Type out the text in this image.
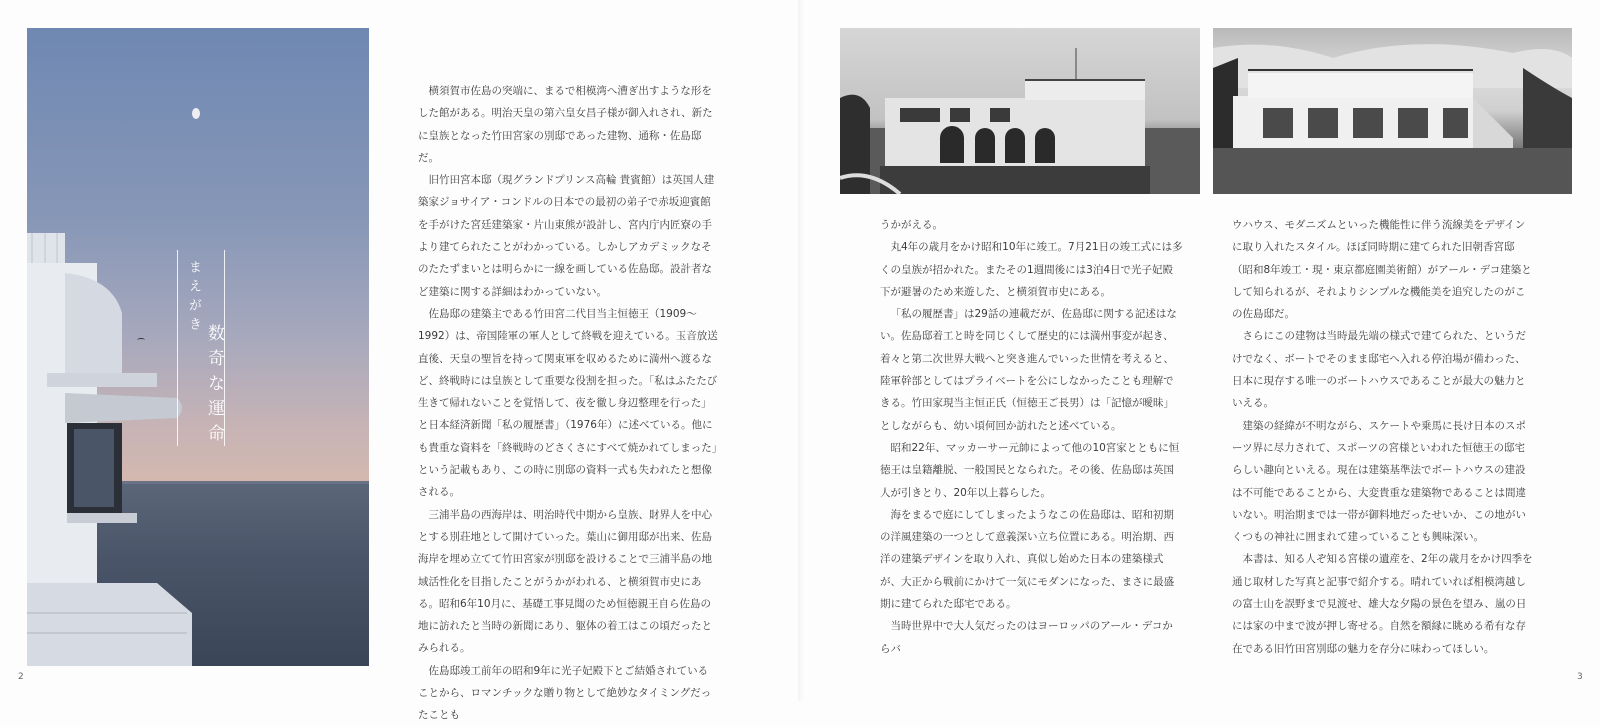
まえがき
数奇な運命

横須賀市佐島の突端に、まるで相模湾へ漕ぎ出すような形をした館がある。明治天皇の第六皇女昌子様が御入れされ、新たに皇族となった竹田宮家の別邸であった建物、通称・佐島邸だ。

旧竹田宮本邸（現グランドプリンス高輪 貴賓館）は英国人建築家ジョサイア・コンドルの日本での最初の弟子で赤坂迎賓館を手がけた宮廷建築家・片山東熊が設計し、宮内庁内匠寮の手より建てられたことがわかっている。しかしアカデミックなそのたたずまいとは明らかに一線を画している佐島邸。設計者など建築に関する詳細はわかっていない。

佐島邸の建築主である竹田宮二代目当主恒徳王（1909〜1992）は、帝国陸軍の軍人として終戦を迎えている。玉音放送直後、天皇の聖旨を持って関東軍を収めるために満州へ渡るなど、終戦時には皇族として重要な役割を担った。「私はふたたび生きて帰れないことを覚悟して、夜を徹し身辺整理を行った」と日本経済新聞「私の履歴書」（1976年）に述べている。他にも貴重な資料を「終戦時のどさくさにすべて焼かれてしまった」という記載もあり、この時に別邸の資料一式も失われたと想像される。

三浦半島の西海岸は、明治時代中期から皇族、財界人を中心とする別荘地として開けていった。葉山に御用邸が出来、佐島海岸を埋め立てて竹田宮家が別邸を設けることで三浦半島の地域活性化を目指したことがうかがわれる、と横須賀市史にある。昭和6年10月に、基礎工事見聞のため恒徳親王自ら佐島の地に訪れたと当時の新聞にあり、躯体の着工はこの頃だったとみられる。

佐島邸竣工前年の昭和9年に光子妃殿下とご結婚されていることから、ロマンチックな贈り物として絶妙なタイミングだったことも

うかがえる。

丸4年の歳月をかけ昭和10年に竣工。7月21日の竣工式には多くの皇族が招かれた。またその1週間後には3泊4日で光子妃殿下が避暑のため来遊した、と横須賀市史にある。

「私の履歴書」は29話の連載だが、佐島邸に関する記述はない。佐島邸着工と時を同じくして歴史的には満州事変が起き、着々と第二次世界大戦へと突き進んでいった世情を考えると、陸軍幹部としてはプライベートを公にしなかったことも理解できる。竹田家現当主恒正氏（恒徳王ご長男）は「記憶が曖昧」としながらも、幼い頃何回か訪れたと述べている。

昭和22年、マッカーサー元帥によって他の10宮家とともに恒徳王は皇籍離脱、一般国民となられた。その後、佐島邸は英国人が引きとり、20年以上暮らした。

海をまるで庭にしてしまったようなこの佐島邸は、昭和初期の洋風建築の一つとして意義深い立ち位置にある。明治期、西洋の建築デザインを取り入れ、真似し始めた日本の建築様式が、大正から戦前にかけて一気にモダンになった、まさに最盛期に建てられた邸宅である。

当時世界中で大人気だったのはヨーロッパのアール・デコからバ

ウハウス、モダニズムといった機能性に伴う流線美をデザインに取り入れたスタイル。ほぼ同時期に建てられた旧朝香宮邸（昭和8年竣工・現・東京都庭園美術館）がアール・デコ建築として知られるが、それよりシンプルな機能美を追究したのがこの佐島邸だ。

さらにこの建物は当時最先端の様式で建てられた、というだけでなく、ボートでそのまま邸宅へ入れる停泊場が備わった、日本に現存する唯一のボートハウスであることが最大の魅力といえる。

建築の経緯が不明ながら、スケートや乗馬に長け日本のスポーツ界に尽力されて、スポーツの宮様といわれた恒徳王の邸宅らしい趣向といえる。現在は建築基準法でボートハウスの建設は不可能であることから、大変貴重な建築物であることは間違いない。明治期までは一帯が御料地だったせいか、この地がいくつもの神社に囲まれて建っていることも興味深い。

本書は、知る人ぞ知る宮様の遺産を、2年の歳月をかけ四季を通じ取材した写真と記事で紹介する。晴れていれば相模湾越しの富士山を誤野まで見渡せ、雄大な夕陽の景色を望み、嵐の日には家の中まで波が押し寄せる。自然を額縁に眺める希有な存在である旧竹田宮別邸の魅力を存分に味わってほしい。

2	3
